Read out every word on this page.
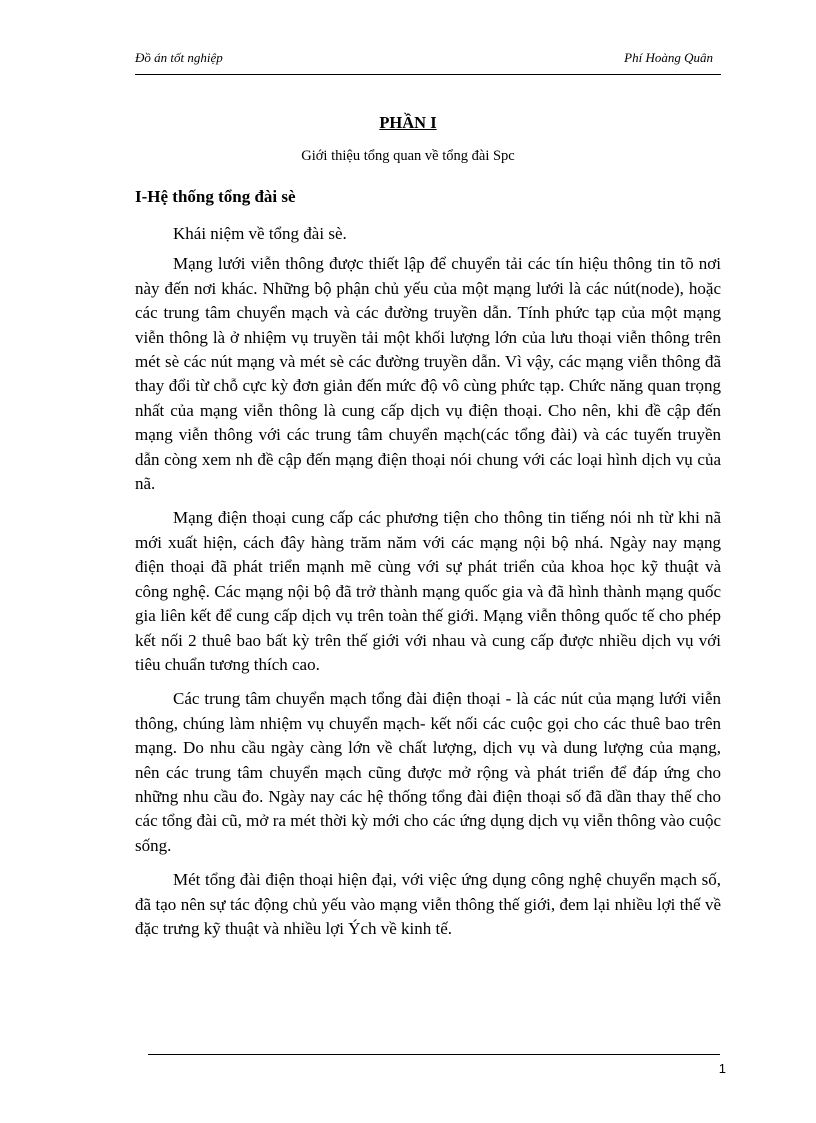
Đồ án tốt nghiệp	Phí Hoàng Quân
PHẦN I
Giới thiệu tổng quan về tổng đài Spc
I-Hệ thống tổng đài sè

Khái niệm về tổng đài sè.

Mạng lưới viễn thông được thiết lập để chuyển tải các tín hiệu thông tin tõ nơi này đến nơi khác. Những bộ phận chủ yếu của một mạng lưới là các nút(node), hoặc các trung tâm chuyển mạch và các đường truyền dẫn. Tính phức tạp của một mạng viễn thông là ở nhiệm vụ truyền tải một khối lượng lớn của lưu thoại viễn thông trên mét sè các nút mạng và mét sè các đường truyền dẫn. Vì vậy, các mạng viễn thông đã thay đổi từ chỗ cực kỳ đơn giản đến mức độ vô cùng phức tạp. Chức năng quan trọng nhất của mạng viễn thông là cung cấp dịch vụ điện thoại. Cho nên, khi đề cập đến mạng viễn thông với các trung tâm chuyển mạch(các tổng đài) và các tuyến truyền dẫn còng xem nh đề cập đến mạng điện thoại nói chung với các loại hình dịch vụ của nã.

Mạng điện thoại cung cấp các phương tiện cho thông tin tiếng nói nh từ khi nã mới xuất hiện, cách đây hàng trăm năm với các mạng nội bộ nhá. Ngày nay mạng điện thoại đã phát triển mạnh mẽ cùng với sự phát triển của khoa học kỹ thuật và công nghệ. Các mạng nội bộ đã trở thành mạng quốc gia và đã hình thành mạng quốc gia liên kết để cung cấp dịch vụ trên toàn thế giới. Mạng viễn thông quốc tế cho phép kết nối 2 thuê bao bất kỳ trên thế giới với nhau và cung cấp được nhiều dịch vụ với tiêu chuẩn tương thích cao.

Các trung tâm chuyển mạch tổng đài điện thoại - là các nút của mạng lưới viễn thông, chúng làm nhiệm vụ chuyển mạch- kết nối các cuộc gọi cho các thuê bao trên mạng. Do nhu cầu ngày càng lớn về chất lượng, dịch vụ và dung lượng của mạng, nên các trung tâm chuyển mạch cũng được mở rộng và phát triển để đáp ứng cho những nhu cầu đo. Ngày nay các hệ thống tổng đài điện thoại số đã dần thay thế cho các tổng đài cũ, mở ra mét thời kỳ mới cho các ứng dụng dịch vụ viễn thông vào cuộc sống.

Mét tổng đài điện thoại hiện đại, với việc ứng dụng công nghệ chuyển mạch số, đã tạo nên sự tác động chủ yếu vào mạng viễn thông thế giới, đem lại nhiều lợi thế về đặc trưng kỹ thuật và nhiều lợi Ých về kinh tế.

1
